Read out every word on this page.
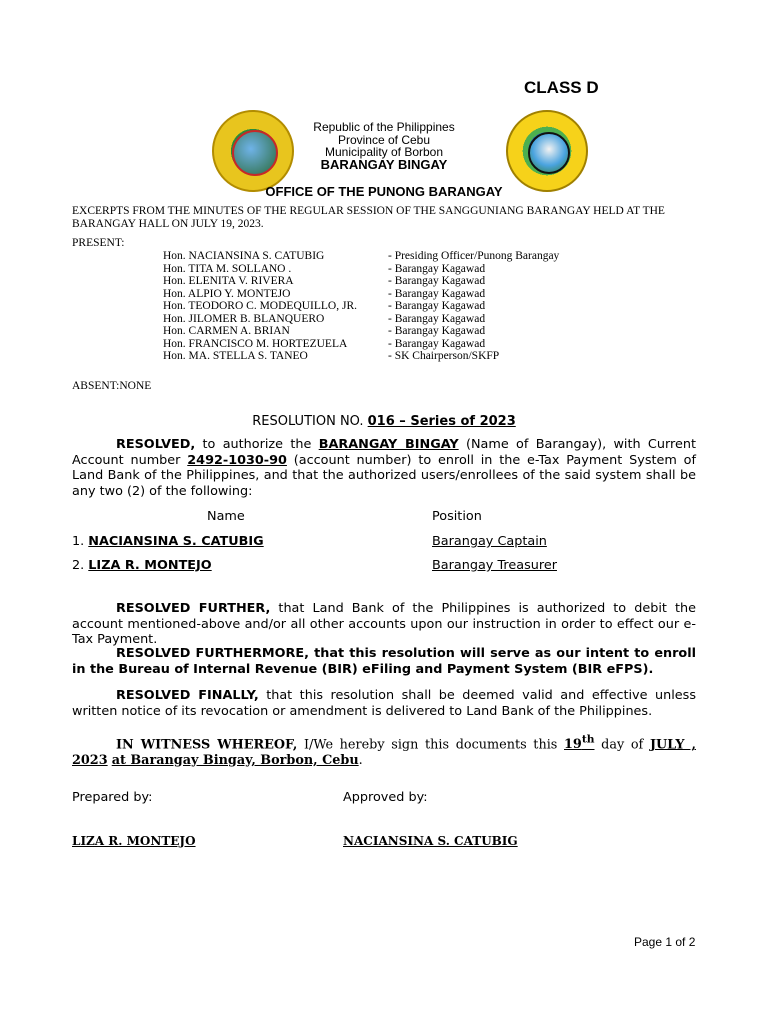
CLASS D
Republic of the Philippines
Province of Cebu
Municipality of Borbon
BARANGAY BINGAY
OFFICE OF THE PUNONG BARANGAY
EXCERPTS FROM THE MINUTES OF THE REGULAR SESSION OF THE SANGGUNIANG BARANGAY HELD AT THE BARANGAY HALL ON JULY 19, 2023.
PRESENT:
Hon. NACIANSINA S. CATUBIG	- Presiding Officer/Punong Barangay
Hon. TITA M. SOLLANO .	- Barangay Kagawad
Hon. ELENITA V. RIVERA	- Barangay Kagawad
Hon. ALPIO Y. MONTEJO	- Barangay Kagawad
Hon. TEODORO C. MODEQUILLO, JR.	- Barangay Kagawad
Hon. JILOMER B. BLANQUERO	- Barangay Kagawad
Hon. CARMEN A. BRIAN	- Barangay Kagawad
Hon. FRANCISCO M. HORTEZUELA	- Barangay Kagawad
Hon. MA. STELLA S. TANEO	- SK Chairperson/SKFP
ABSENT:NONE
RESOLUTION NO. 016 – Series of 2023
RESOLVED, to authorize the BARANGAY BINGAY (Name of Barangay), with Current Account number 2492-1030-90 (account number) to enroll in the e-Tax Payment System of Land Bank of the Philippines, and that the authorized users/enrollees of the said system shall be any two (2) of the following:
Name	Position
1. NACIANSINA S. CATUBIG	Barangay Captain
2. LIZA R. MONTEJO	Barangay Treasurer
RESOLVED FURTHER, that Land Bank of the Philippines is authorized to debit the account mentioned-above and/or all other accounts upon our instruction in order to effect our e-Tax Payment.
RESOLVED FURTHERMORE, that this resolution will serve as our intent to enroll in the Bureau of Internal Revenue (BIR) eFiling and Payment System (BIR eFPS).
RESOLVED FINALLY, that this resolution shall be deemed valid and effective unless written notice of its revocation or amendment is delivered to Land Bank of the Philippines.
IN WITNESS WHEREOF, I/We hereby sign this documents this 19th day of JULY , 2023 at Barangay Bingay, Borbon, Cebu.
Prepared by:	Approved by:
LIZA R. MONTEJO	NACIANSINA S. CATUBIG
Page 1 of 2
